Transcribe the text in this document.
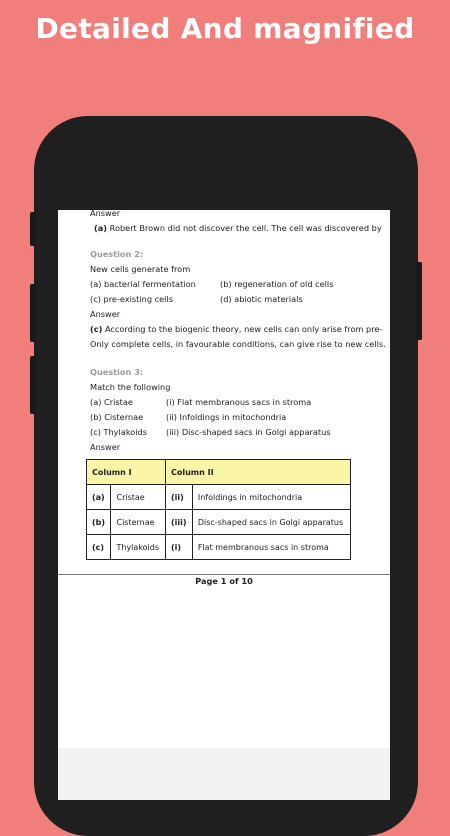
Detailed And magnified
Answer
(a) Robert Brown did not discover the cell. The cell was discovered by
Question 2:
New cells generate from
(a) bacterial fermentation	(b) regeneration of old cells
(c) pre-existing cells	(d) abiotic materials
Answer
(c) According to the biogenic theory, new cells can only arise from pre-
Only complete cells, in favourable conditions, can give rise to new cells.
Question 3:
Match the following
(a) Cristae	(i) Flat membranous sacs in stroma
(b) Cisternae	(ii) Infoldings in mitochondria
(c) Thylakoids	(iii) Disc-shaped sacs in Golgi apparatus
Answer
Column I		Column II	
(a)	Cristae	(ii)	Infoldings in mitochondria
(b)	Cisternae	(iii)	Disc-shaped sacs in Golgi apparatus
(c)	Thylakoids	(i)	Flat membranous sacs in stroma
Page 1 of 10
